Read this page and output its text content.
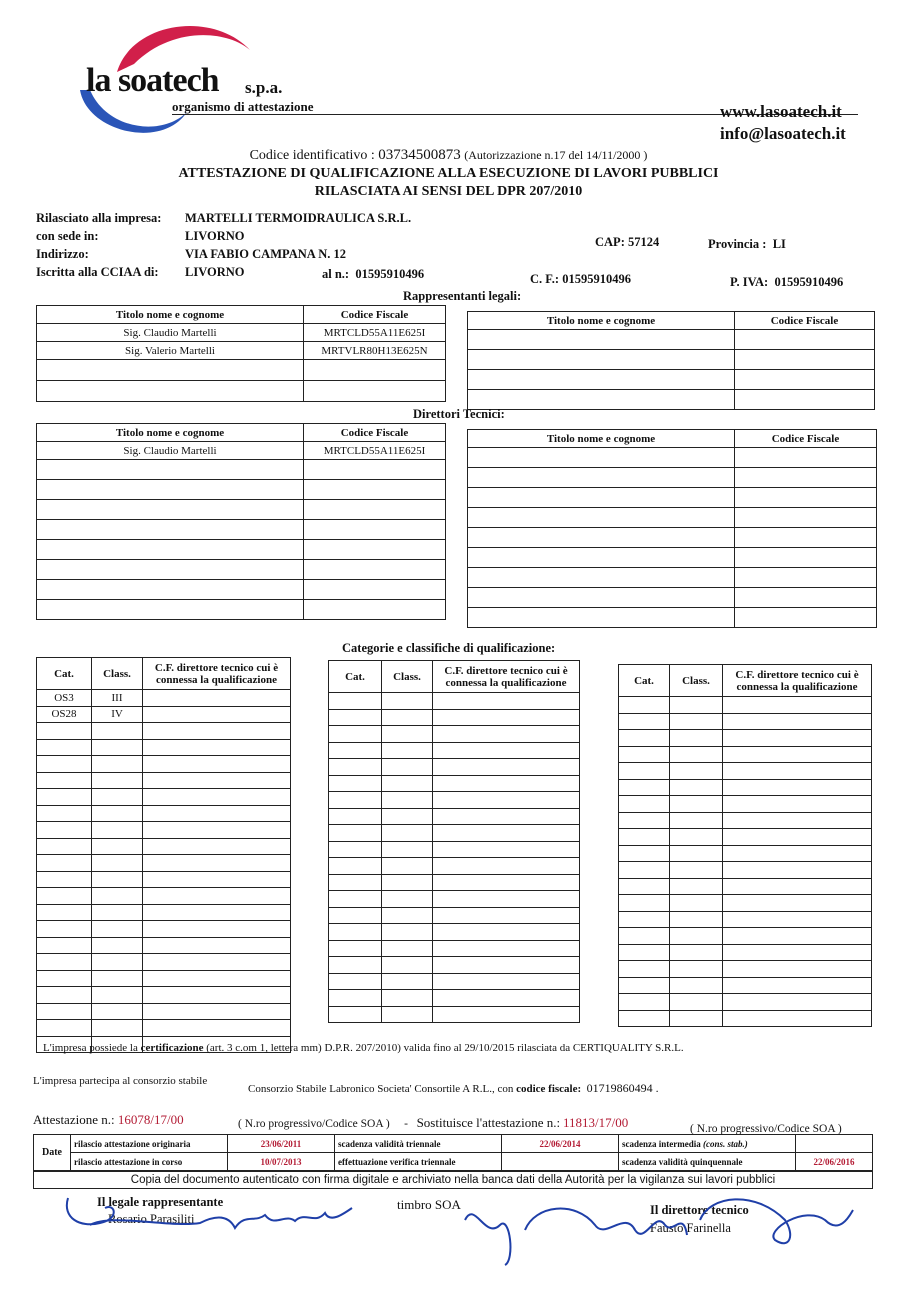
la soatech s.p.a.
organismo di attestazione	www.lasoatech.it
info@lasoatech.it
Codice identificativo : 03734500873 (Autorizzazione n.17 del 14/11/2000 )
ATTESTAZIONE DI QUALIFICAZIONE ALLA ESECUZIONE DI LAVORI PUBBLICI
RILASCIATA AI SENSI DEL DPR 207/2010
Rilasciato alla impresa: MARTELLI TERMOIDRAULICA S.R.L.
con sede in:	LIVORNO
Indirizzo:	VIA FABIO CAMPANA N. 12
CAP: 57124	Provincia : LI
Iscritta alla CCIAA di: LIVORNO	al n.: 01595910496	C. F.: 01595910496	P. IVA: 01595910496
Rappresentanti legali:
Titolo nome e cognome	Codice Fiscale
Sig. Claudio Martelli	MRTCLD55A11E625I
Sig. Valerio Martelli	MRTVLR80H13E625N

Titolo nome e cognome	Codice Fiscale

Direttori Tecnici:
Titolo nome e cognome	Codice Fiscale
Sig. Claudio Martelli	MRTCLD55A11E625I

Titolo nome e cognome	Codice Fiscale

Categorie e classifiche di qualificazione:
Cat.	Class.	C.F. direttore tecnico cui è
connessa la qualificazione
OS3	III	
OS28	IV	

Cat.	Class.	C.F. direttore tecnico cui è
connessa la qualificazione

			Cat.	Class.	C.F. direttore tecnico cui è
connessa la qualificazione

L'impresa possiede la certificazione (art. 3 c.om 1, lettera mm) D.P.R. 207/2010) valida fino al 29/10/2015 rilasciata da CERTIQUALITY S.R.L.
L'impresa partecipa al consorzio stabile
Consorzio Stabile Labronico Societa' Consortile A R.L., con codice fiscale: 01719860494 .
Attestazione n.: 16078/17/00	( N.ro progressivo/Codice SOA ) - Sostituisce l'attestazione n.: 11813/17/00	( N.ro progressivo/Codice SOA )
Date	rilascio attestazione originaria	23/06/2011	scadenza validità triennale	22/06/2014	scadenza intermedia (cons. stab.)	
	rilascio attestazione in corso	10/07/2013	effettuazione verifica triennale		scadenza validità quinquennale	22/06/2016
Copia del documento autenticato con firma digitale e archiviato nella banca dati della Autorità per la vigilanza sui lavori pubblici
Il legale rappresentante
Rosario Parasiliti
timbro SOA	Il direttore tecnico
Fausto Farinella
